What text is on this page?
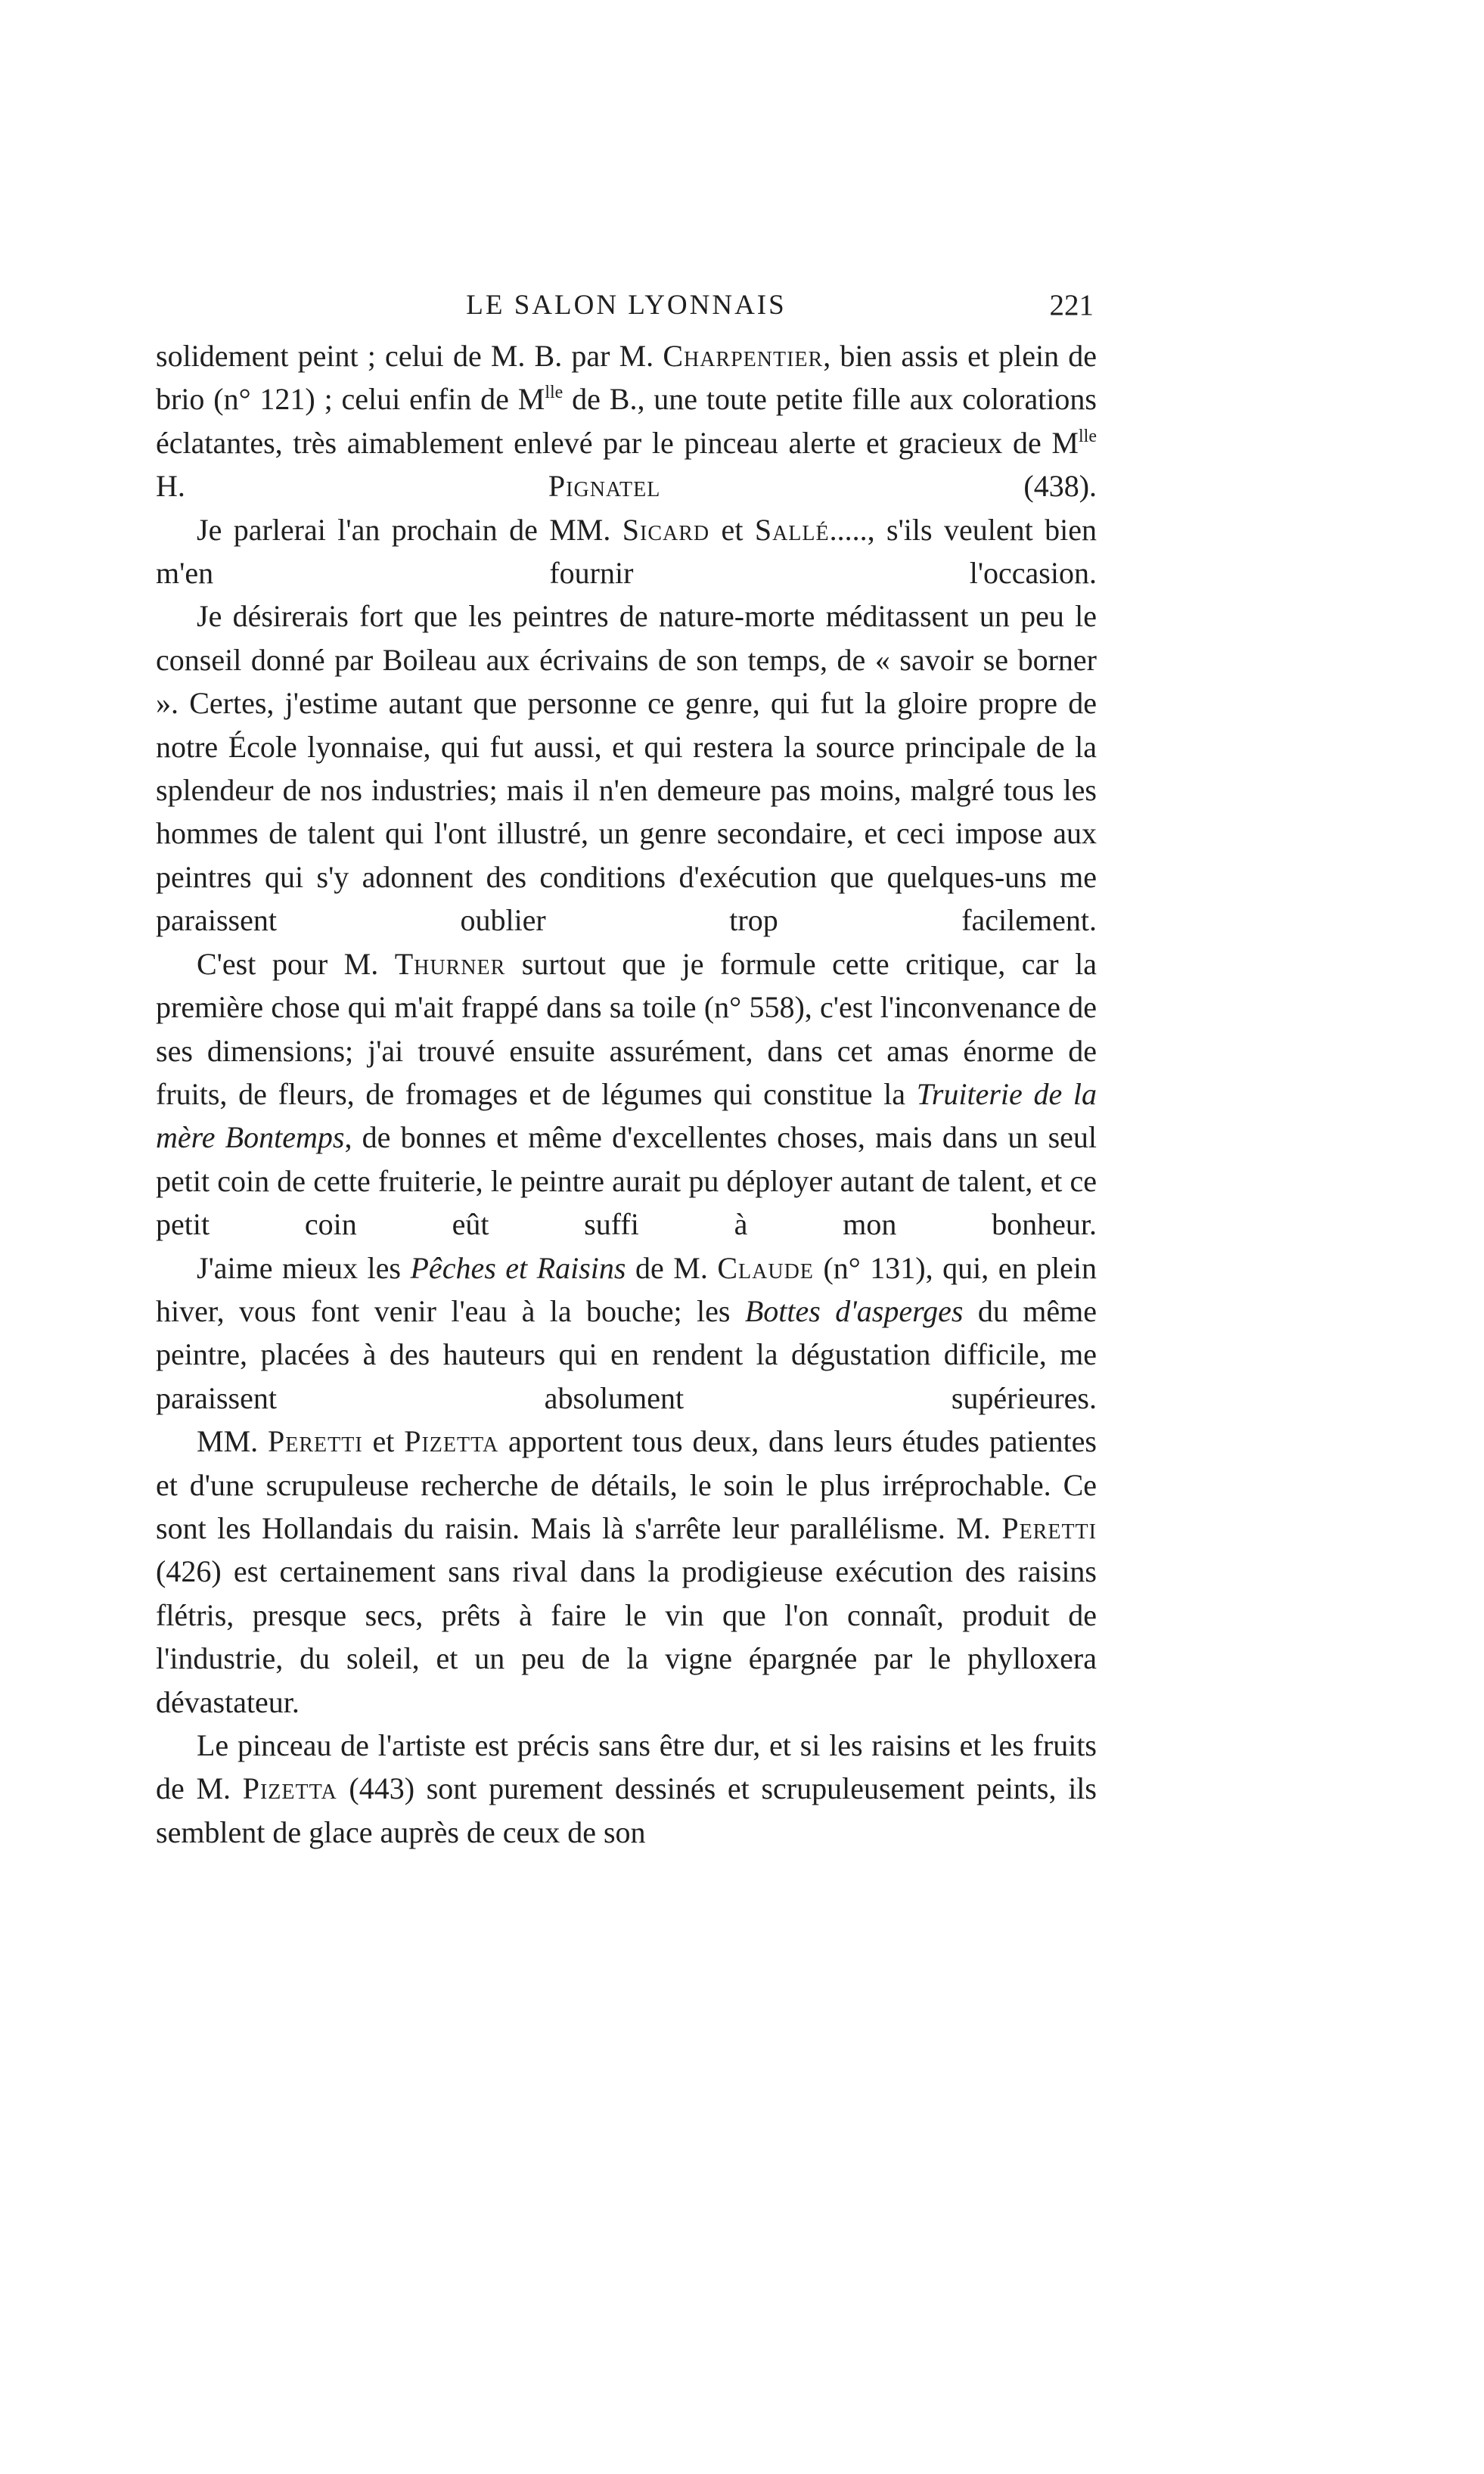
LE SALON LYONNAIS	221

solidement peint ; celui de M. B. par M. Charpentier, bien assis et plein de brio (n° 121) ; celui enfin de $M^{lle}$ de B., une toute petite fille aux colorations éclatantes, très aimablement enlevé par le pinceau alerte et gracieux de $M^{lle}$ H. Pignatel (438).

Je parlerai l'an prochain de MM. Sicard et Sallé....., s'ils veulent bien m'en fournir l'occasion.

Je désirerais fort que les peintres de nature-morte méditassent un peu le conseil donné par Boileau aux écrivains de son temps, de « savoir se borner ». Certes, j'estime autant que personne ce genre, qui fut la gloire propre de notre École lyonnaise, qui fut aussi, et qui restera la source principale de la splendeur de nos industries; mais il n'en demeure pas moins, malgré tous les hommes de talent qui l'ont illustré, un genre secondaire, et ceci impose aux peintres qui s'y adonnent des conditions d'exécution que quelques-uns me paraissent oublier trop facilement.

C'est pour M. Thurner surtout que je formule cette critique, car la première chose qui m'ait frappé dans sa toile (n° 558), c'est l'inconvenance de ses dimensions; j'ai trouvé ensuite assurément, dans cet amas énorme de fruits, de fleurs, de fromages et de légumes qui constitue la Truiterie de la mère Bontemps, de bonnes et même d'excellentes choses, mais dans un seul petit coin de cette fruiterie, le peintre aurait pu déployer autant de talent, et ce petit coin eût suffi à mon bonheur.

J'aime mieux les Pêches et Raisins de M. Claude (n° 131), qui, en plein hiver, vous font venir l'eau à la bouche; les Bottes d'asperges du même peintre, placées à des hauteurs qui en rendent la dégustation difficile, me paraissent absolument supérieures.

MM. Peretti et Pizetta apportent tous deux, dans leurs études patientes et d'une scrupuleuse recherche de détails, le soin le plus irréprochable. Ce sont les Hollandais du raisin. Mais là s'arrête leur parallélisme. M. Peretti (426) est certainement sans rival dans la prodigieuse exécution des raisins flétris, presque secs, prêts à faire le vin que l'on connaît, produit de l'industrie, du soleil, et un peu de la vigne épargnée par le phylloxera dévastateur.

Le pinceau de l'artiste est précis sans être dur, et si les raisins et les fruits de M. Pizetta (443) sont purement dessinés et scrupuleusement peints, ils semblent de glace auprès de ceux de son
